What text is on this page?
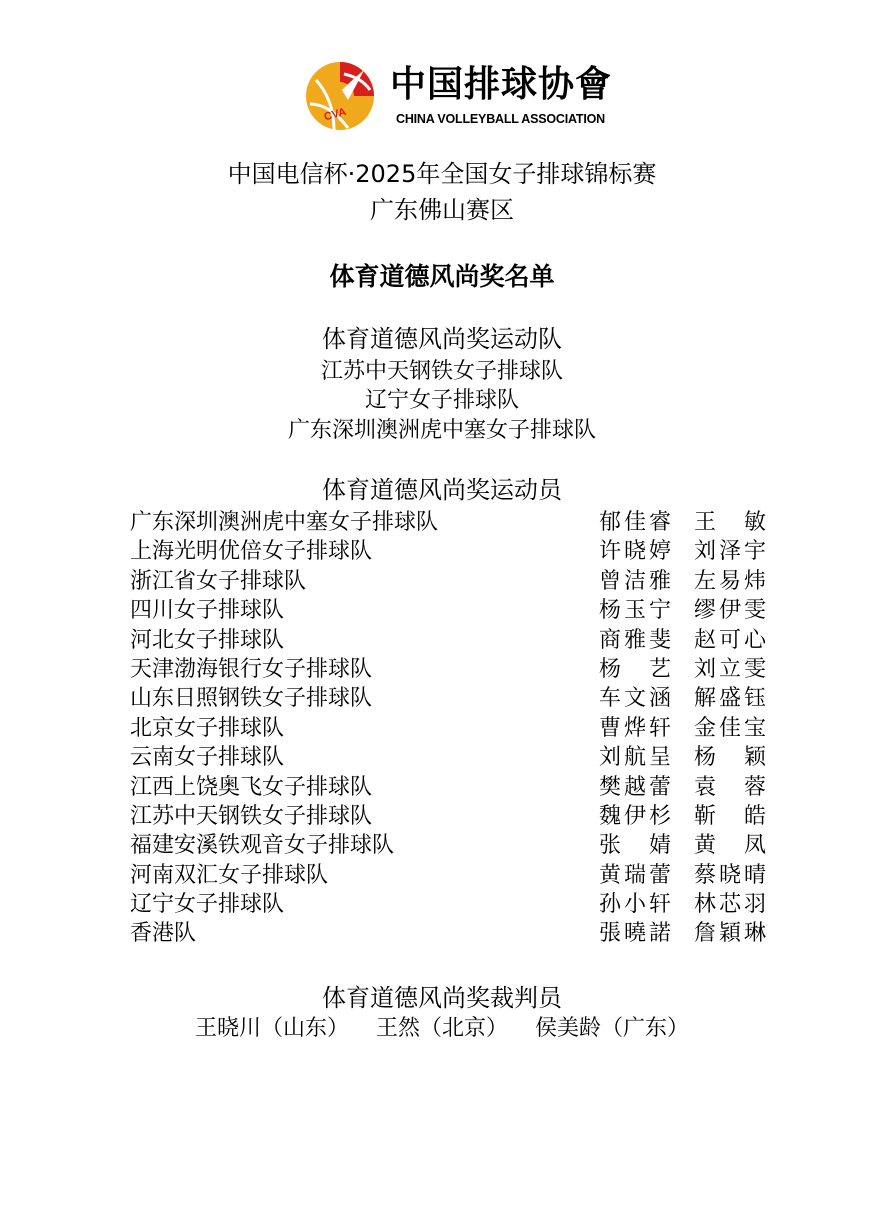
CVA
中国排球协會
CHINA VOLLEYBALL ASSOCIATION
中国电信杯·2025年全国女子排球锦标赛
广东佛山赛区
体育道德风尚奖名单
体育道德风尚奖运动队
江苏中天钢铁女子排球队
辽宁女子排球队
广东深圳澳洲虎中塞女子排球队
体育道德风尚奖运动员
广东深圳澳洲虎中塞女子排球队	郁佳睿 王敏
上海光明优倍女子排球队	许晓婷 刘泽宇
浙江省女子排球队	曾洁雅 左易炜
四川女子排球队	杨玉宁 缪伊雯
河北女子排球队	商雅斐 赵可心
天津渤海银行女子排球队	杨艺 刘立雯
山东日照钢铁女子排球队	车文涵 解盛钰
北京女子排球队	曹烨轩 金佳宝
云南女子排球队	刘航呈 杨颖
江西上饶奥飞女子排球队	樊越蕾 袁蓉
江苏中天钢铁女子排球队	魏伊杉 靳皓
福建安溪铁观音女子排球队	张婧 黄凤
河南双汇女子排球队	黄瑞蕾 蔡晓晴
辽宁女子排球队	孙小轩 林芯羽
香港队	張曉諾 詹穎琳
体育道德风尚奖裁判员
王晓川（山东） 王然（北京） 侯美龄（广东）
